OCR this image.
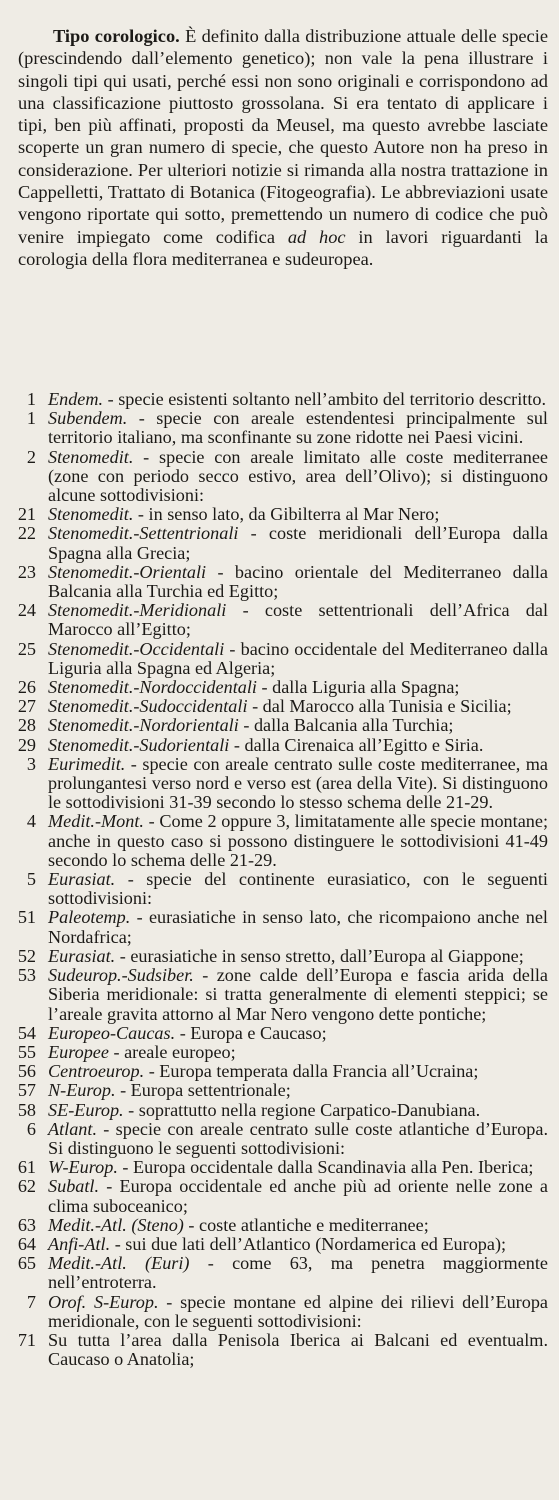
Tipo corologico. È definito dalla distribuzione attuale delle specie (prescindendo dall’elemento genetico); non vale la pena illustrare i singoli tipi qui usati, perché essi non sono originali e corrispondono ad una classificazione piuttosto grossolana. Si era tentato di applicare i tipi, ben più affinati, proposti da Meusel, ma questo avrebbe lasciate scoperte un gran numero di specie, che questo Autore non ha preso in considerazione. Per ulteriori notizie si rimanda alla nostra trattazione in Cappelletti, Trattato di Botanica (Fitogeografia). Le abbreviazioni usate vengono riportate qui sotto, premettendo un numero di codice che può venire impiegato come codifica ad hoc in lavori riguardanti la corologia della flora mediterranea e sudeuropea.

1 Endem. - specie esistenti soltanto nell’ambito del territorio descritto.
1 Subendem. - specie con areale estendentesi principalmente sul territorio italiano, ma sconfinante su zone ridotte nei Paesi vicini.
2 Stenomedit. - specie con areale limitato alle coste mediterranee (zone con periodo secco estivo, area dell’Olivo); si distinguono alcune sottodivisioni:
21 Stenomedit. - in senso lato, da Gibilterra al Mar Nero;
22 Stenomedit.-Settentrionali - coste meridionali dell’Europa dalla Spagna alla Grecia;
23 Stenomedit.-Orientali - bacino orientale del Mediterraneo dalla Balcania alla Turchia ed Egitto;
24 Stenomedit.-Meridionali - coste settentrionali dell’Africa dal Marocco all’Egitto;
25 Stenomedit.-Occidentali - bacino occidentale del Mediterraneo dalla Liguria alla Spagna ed Algeria;
26 Stenomedit.-Nordoccidentali - dalla Liguria alla Spagna;
27 Stenomedit.-Sudoccidentali - dal Marocco alla Tunisia e Sicilia;
28 Stenomedit.-Nordorientali - dalla Balcania alla Turchia;
29 Stenomedit.-Sudorientali - dalla Cirenaica all’Egitto e Siria.
3 Eurimedit. - specie con areale centrato sulle coste mediterranee, ma prolungantesi verso nord e verso est (area della Vite). Si distinguono le sottodivisioni 31-39 secondo lo stesso schema delle 21-29.
4 Medit.-Mont. - Come 2 oppure 3, limitatamente alle specie montane; anche in questo caso si possono distinguere le sottodivisioni 41-49 secondo lo schema delle 21-29.
5 Eurasiat. - specie del continente eurasiatico, con le seguenti sottodivisioni:
51 Paleotemp. - eurasiatiche in senso lato, che ricompaiono anche nel Nordafrica;
52 Eurasiat. - eurasiatiche in senso stretto, dall’Europa al Giappone;
53 Sudeurop.-Sudsiber. - zone calde dell’Europa e fascia arida della Siberia meridionale: si tratta generalmente di elementi steppici; se l’areale gravita attorno al Mar Nero vengono dette pontiche;
54 Europeo-Caucas. - Europa e Caucaso;
55 Europee - areale europeo;
56 Centroeurop. - Europa temperata dalla Francia all’Ucraina;
57 N-Europ. - Europa settentrionale;
58 SE-Europ. - soprattutto nella regione Carpatico-Danubiana.
6 Atlant. - specie con areale centrato sulle coste atlantiche d’Europa. Si distinguono le seguenti sottodivisioni:
61 W-Europ. - Europa occidentale dalla Scandinavia alla Pen. Iberica;
62 Subatl. - Europa occidentale ed anche più ad oriente nelle zone a clima suboceanico;
63 Medit.-Atl. (Steno) - coste atlantiche e mediterranee;
64 Anfi-Atl. - sui due lati dell’Atlantico (Nordamerica ed Europa);
65 Medit.-Atl. (Euri) - come 63, ma penetra maggiormente nell’entroterra.
7 Orof. S-Europ. - specie montane ed alpine dei rilievi dell’Europa meridionale, con le seguenti sottodivisioni:
71 Su tutta l’area dalla Penisola Iberica ai Balcani ed eventualm. Caucaso o Anatolia;
